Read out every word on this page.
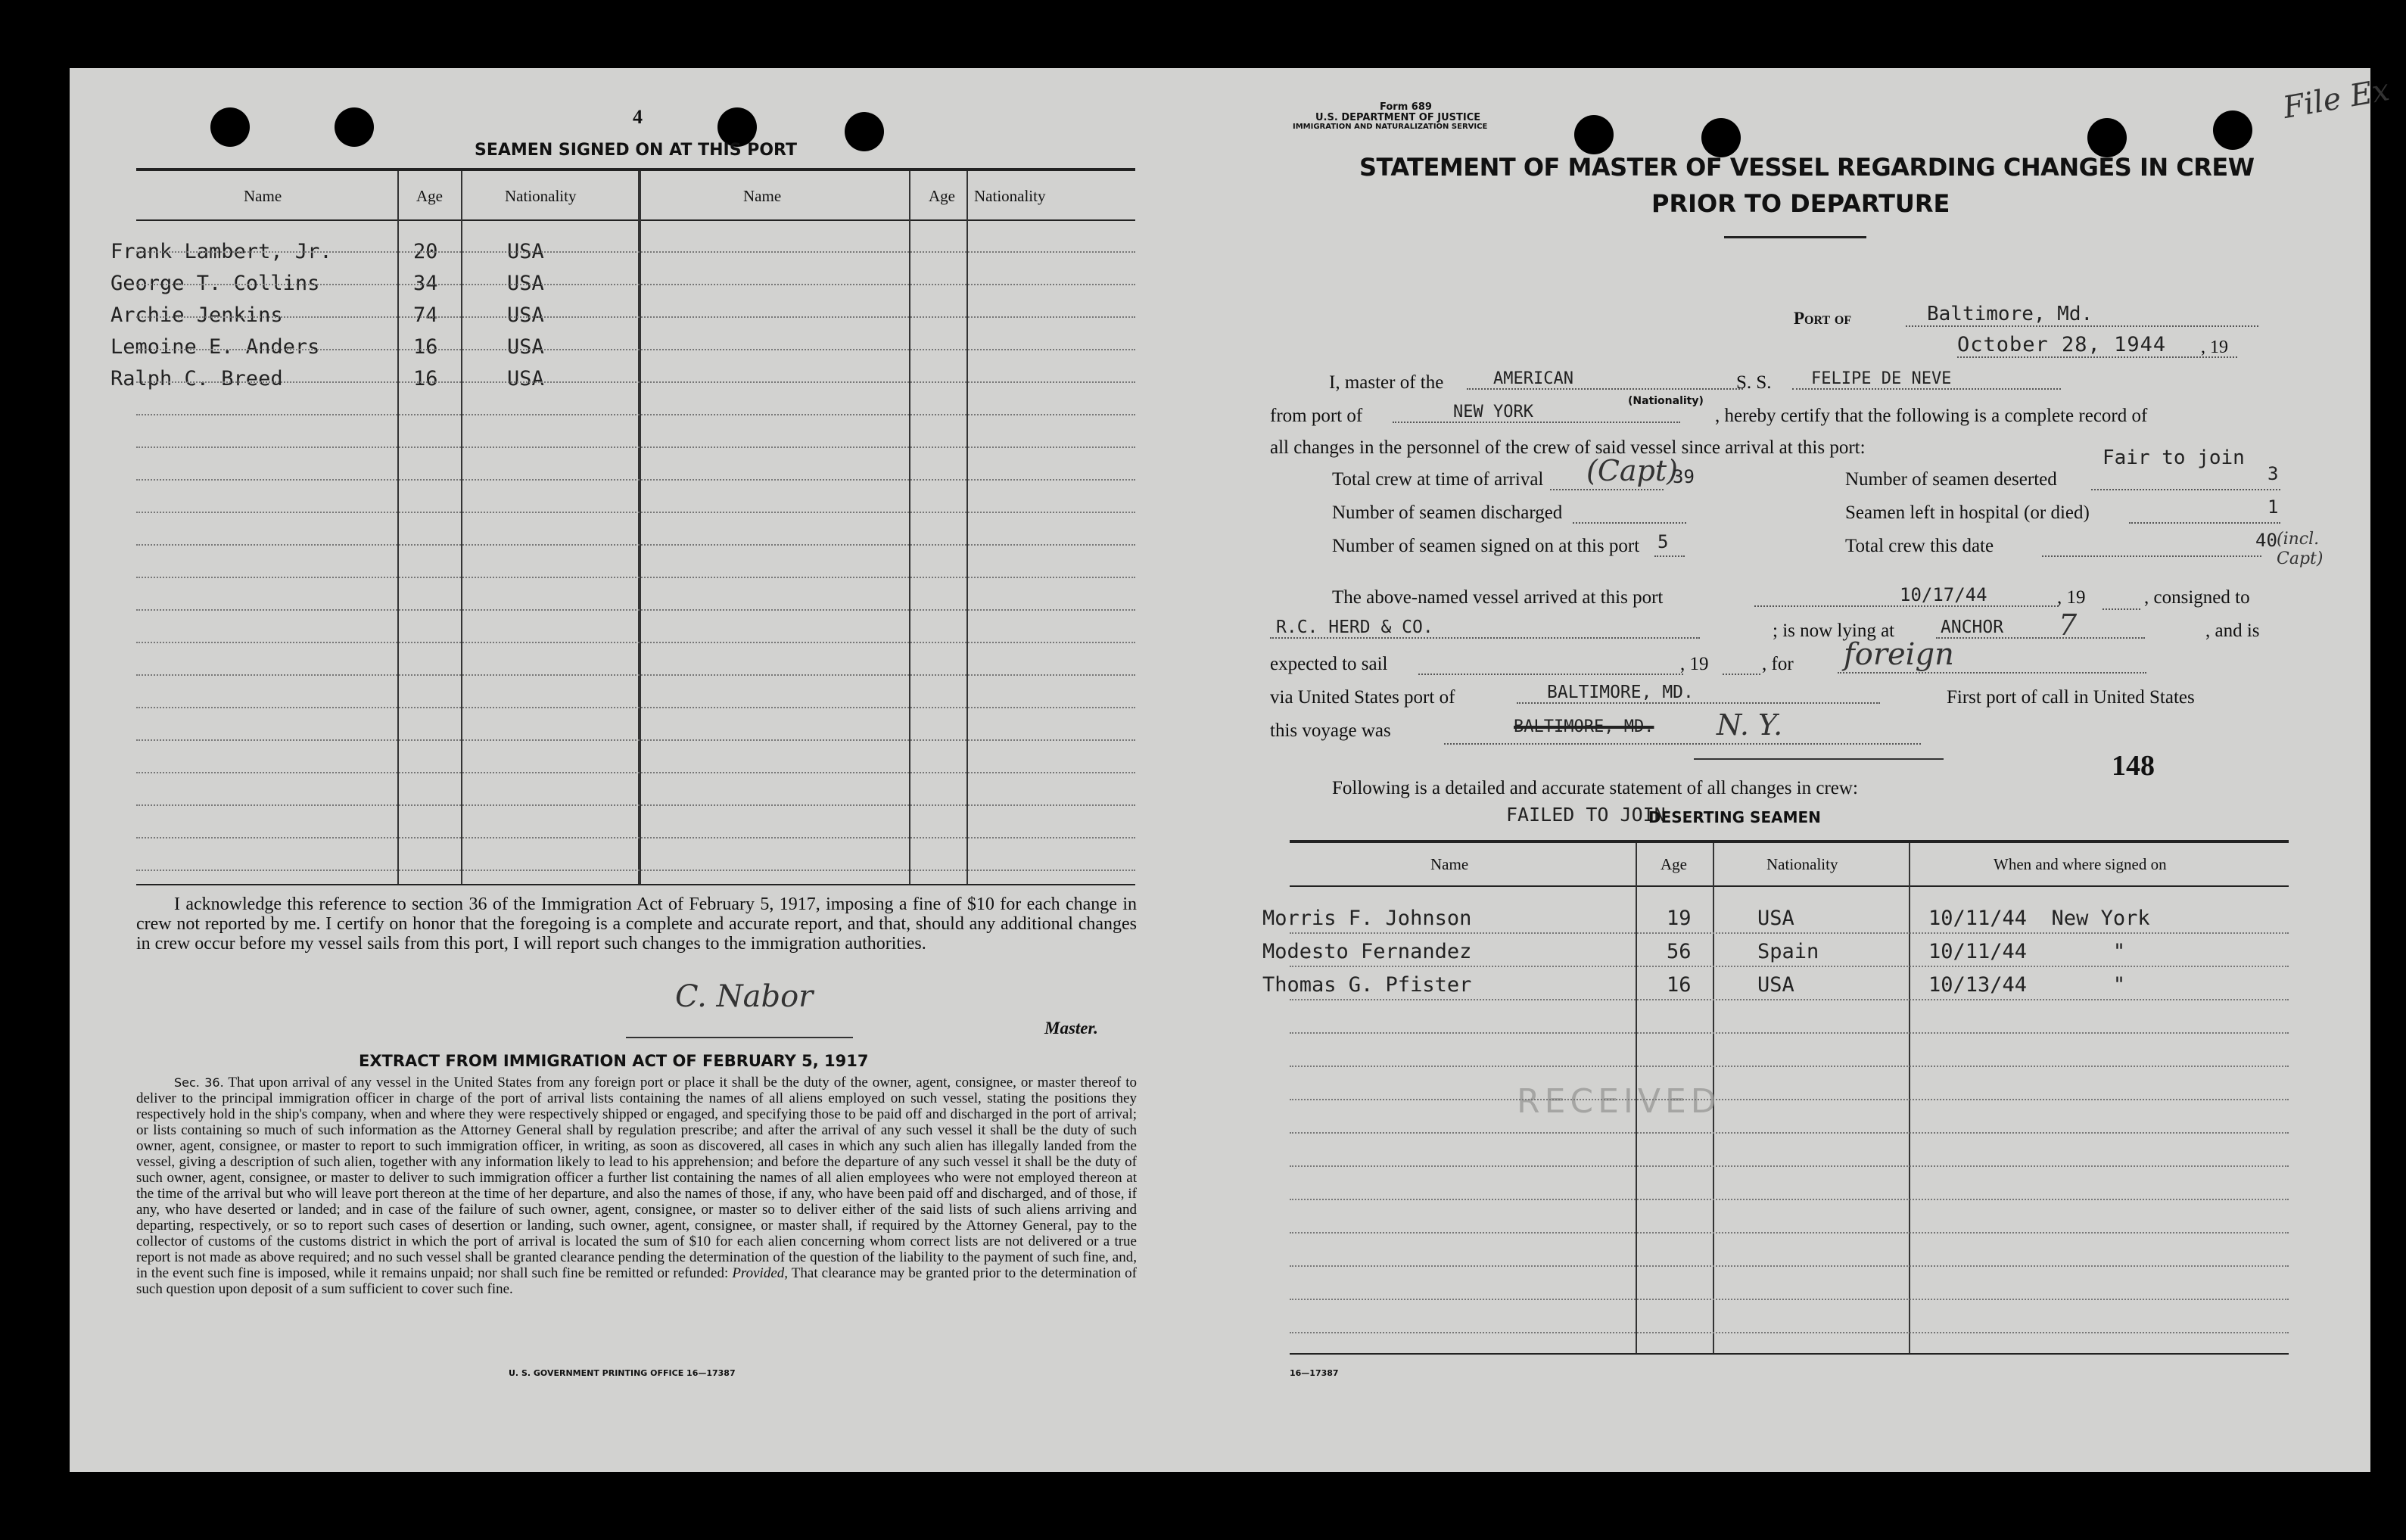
4
SEAMEN SIGNED ON AT THIS PORT
Name	Age	Nationality	Name	Age Nationality
Frank Lambert, Jr.	20	USA
George T. Collins	34	USA
Archie Jenkins	74	USA
Lemoine E. Anders	16	USA
Ralph C. Breed	16	USA
I acknowledge this reference to section 36 of the Immigration Act of February 5, 1917, imposing a fine of $10 for each change in crew not reported by me. I certify on honor that the foregoing is a complete and accurate report, and that, should any additional changes in crew occur before my vessel sails from this port, I will report such changes to the immigration authorities.
C. Nabor
Master.
EXTRACT FROM IMMIGRATION ACT OF FEBRUARY 5, 1917
Sec. 36. That upon arrival of any vessel in the United States from any foreign port or place it shall be the duty of the owner, agent, consignee, or master thereof to deliver to the principal immigration officer in charge of the port of arrival lists containing the names of all aliens employed on such vessel, stating the positions they respectively hold in the ship's company, when and where they were respectively shipped or engaged, and specifying those to be paid off and discharged in the port of arrival; or lists containing so much of such information as the Attorney General shall by regulation prescribe; and after the arrival of any such vessel it shall be the duty of such owner, agent, consignee, or master to report to such immigration officer, in writing, as soon as discovered, all cases in which any such alien has illegally landed from the vessel, giving a description of such alien, together with any information likely to lead to his apprehension; and before the departure of any such vessel it shall be the duty of such owner, agent, consignee, or master to deliver to such immigration officer a further list containing the names of all alien employees who were not employed thereon at the time of the arrival but who will leave port thereon at the time of her departure, and also the names of those, if any, who have been paid off and discharged, and of those, if any, who have deserted or landed; and in case of the failure of such owner, agent, consignee, or master so to deliver either of the said lists of such aliens arriving and departing, respectively, or so to report such cases of desertion or landing, such owner, agent, consignee, or master shall, if required by the Attorney General, pay to the collector of customs of the customs district in which the port of arrival is located the sum of $10 for each alien concerning whom correct lists are not delivered or a true report is not made as above required; and no such vessel shall be granted clearance pending the determination of the question of the liability to the payment of such fine, and, in the event such fine is imposed, while it remains unpaid; nor shall such fine be remitted or refunded: Provided, That clearance may be granted prior to the determination of such question upon deposit of a sum sufficient to cover such fine.
U. S. GOVERNMENT PRINTING OFFICE 16—17387
Form 689
U.S. DEPARTMENT OF JUSTICE
IMMIGRATION AND NATURALIZATION SERVICE
File Ex
STATEMENT OF MASTER OF VESSEL REGARDING CHANGES IN CREW
PRIOR TO DEPARTURE
Port of	Baltimore, Md.
October 28, 1944	, 19
I, master of the	AMERICAN
(Nationality)
S. S.	FELIPE DE NEVE
from port of	NEW YORK	, hereby certify that the following is a complete record of
all changes in the personnel of the crew of said vessel since arrival at this port:
Total crew at time of arrival (Capt)
39
Fair to join
Number of seamen deserted	3
Number of seamen discharged	Seamen left in hospital (or died)	1
Number of seamen signed on at this port 5	Total crew this date	40 (incl. Capt)
The above-named vessel arrived at this port	10/17/44	, 19	, consigned to
R.C. HERD & CO.	; is now lying at	ANCHOR	7	, and is
expected to sail	, 19	, for foreign
via United States port of	BALTIMORE, MD.	First port of call in United States
this voyage was	BALTIMORE, MD. N. Y.
148
Following is a detailed and accurate statement of all changes in crew:
FAILED TO JOIN
DESERTING SEAMEN
Name	Age	Nationality	When and where signed on
Morris F. Johnson	19	USA	10/11/44  New York
Modesto Fernandez	56	Spain	10/11/44       "
Thomas G. Pfister	16	USA	10/13/44       "
RECEIVED
16—17387
